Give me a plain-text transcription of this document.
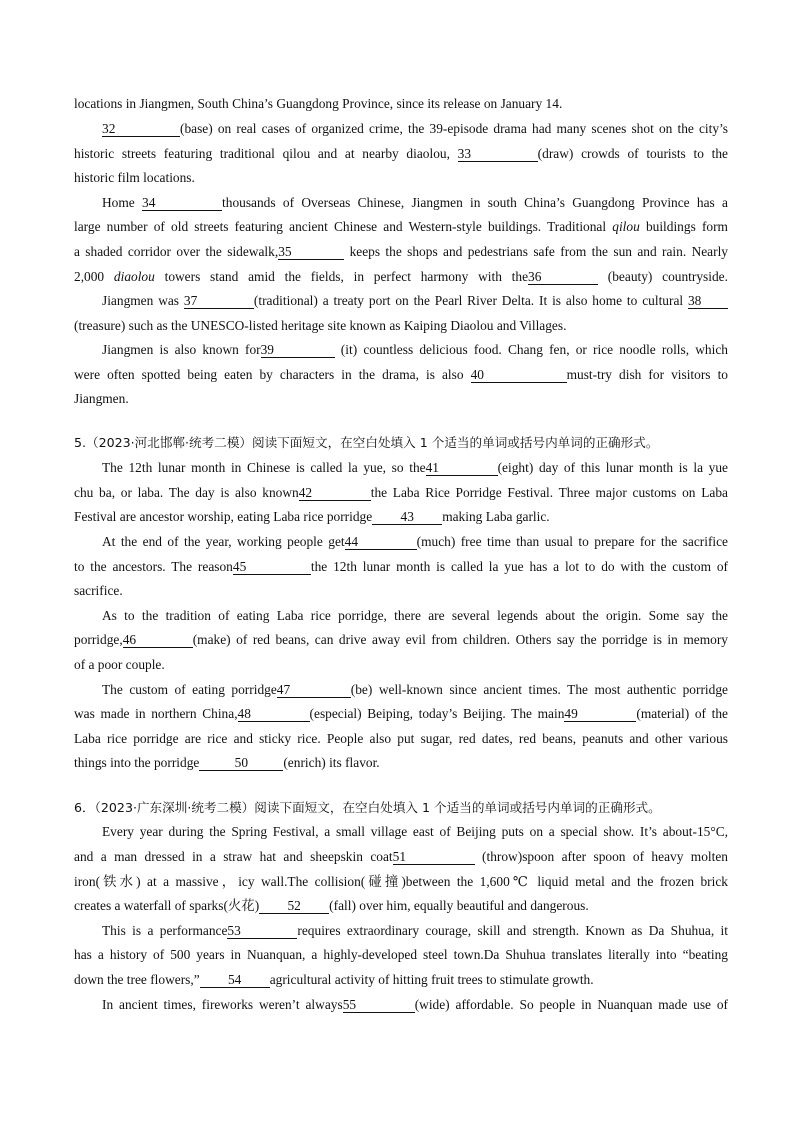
locations in Jiangmen, South China’s Guangdong Province, since its release on January 14.
32	(base) on real cases of organized crime, the 39-episode drama had many scenes shot on the city’s
historic streets featuring traditional qilou and at nearby diaolou, 33	(draw) crowds of tourists to the
historic film locations.
Home 34	thousands of Overseas Chinese, Jiangmen in south China’s Guangdong Province has a
large number of old streets featuring ancient Chinese and Western-style buildings. Traditional qilou buildings form
a shaded corridor over the sidewalk,35	keeps the shops and pedestrians safe from the sun and rain. Nearly
2,000 diaolou towers stand amid the fields, in perfect harmony with the36	(beauty) countryside.
Jiangmen was 37	(traditional) a treaty port on the Pearl River Delta. It is also home to cultural 38
(treasure) such as the UNESCO-listed heritage site known as Kaiping Diaolou and Villages.
Jiangmen is also known for39	(it) countless delicious food. Chang fen, or rice noodle rolls, which
were often spotted being eaten by characters in the drama, is also 40	must-try dish for visitors to
Jiangmen.
5.（2023·河北邯郸·统考二模）阅读下面短文，在空白处填入 1 个适当的单词或括号内单词的正确形式。
The 12th lunar month in Chinese is called la yue, so the41	(eight) day of this lunar month is la yue
chu ba, or laba. The day is also known42	the Laba Rice Porridge Festival. Three major customs on Laba
Festival are ancestor worship, eating Laba rice porridge 43 making Laba garlic.
At the end of the year, working people get44	(much) free time than usual to prepare for the sacrifice
to the ancestors. The reason45	the 12th lunar month is called la yue has a lot to do with the custom of
sacrifice.
As to the tradition of eating Laba rice porridge, there are several legends about the origin. Some say the
porridge,46	(make) of red beans, can drive away evil from children. Others say the porridge is in memory
of a poor couple.
The custom of eating porridge47	(be) well-known since ancient times. The most authentic porridge
was made in northern China,48	(especial) Beiping, today’s Beijing. The main49	(material) of the
Laba rice porridge are rice and sticky rice. People also put sugar, red dates, red beans, peanuts and other various
things into the porridge	50	(enrich) its flavor.
6．（2023·广东深圳·统考二模）阅读下面短文，在空白处填入 1 个适当的单词或括号内单词的正确形式。
Every year during the Spring Festival, a small village east of Beijing puts on a special show. It’s about-15°C,
and a man dressed in a straw hat and sheepskin coat51	(throw)spoon after spoon of heavy molten
iron(铁水) at a massive，icy wall.The collision(碰撞)between the 1,600℃ liquid metal and the frozen brick
creates a waterfall of sparks(火花) 52 (fall) over him, equally beautiful and dangerous.
This is a performance53	requires extraordinary courage, skill and strength. Known as Da Shuhua, it
has a history of 500 years in Nuanquan, a highly-developed steel town.Da Shuhua translates literally into “beating
down the tree flowers,” 54 agricultural activity of hitting fruit trees to stimulate growth.
In ancient times, fireworks weren’t always55	(wide) affordable. So people in Nuanquan made use of
